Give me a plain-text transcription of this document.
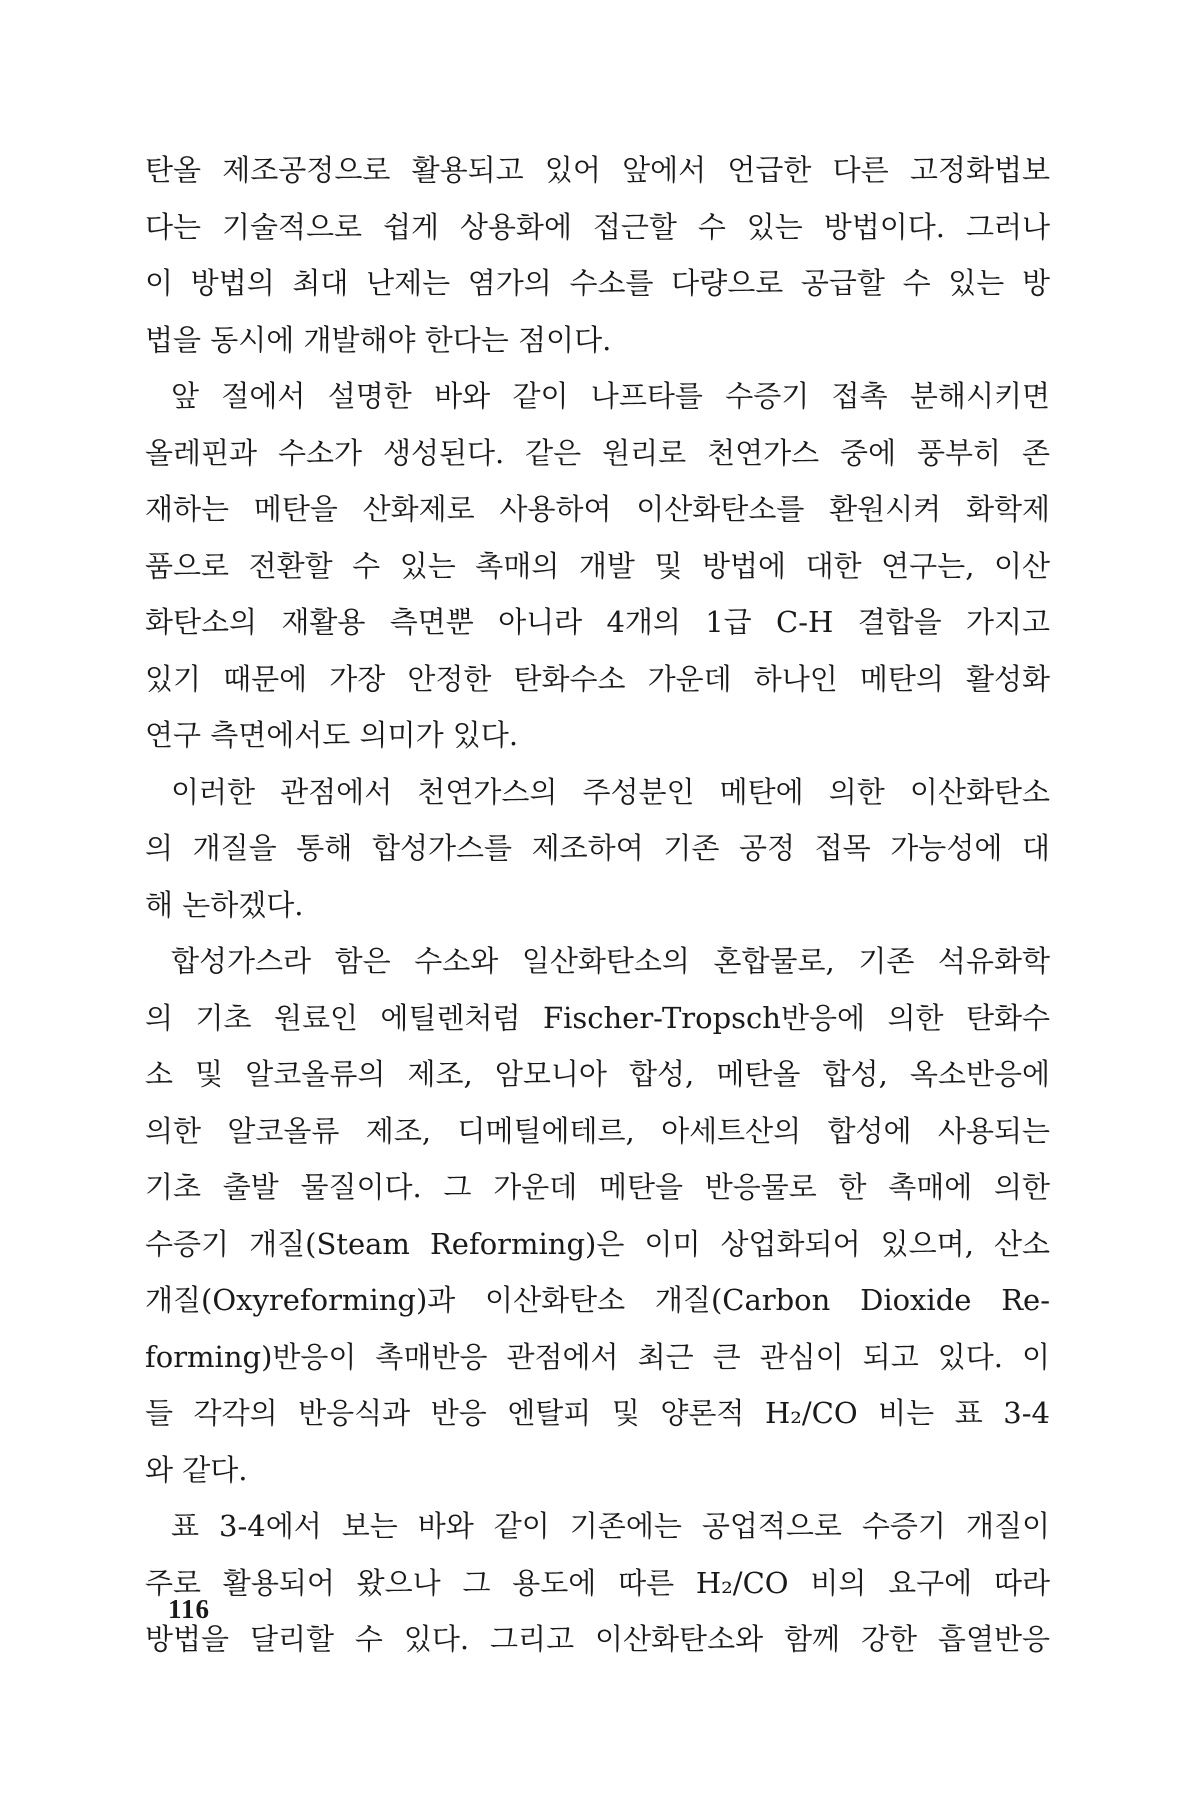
탄올 제조공정으로 활용되고 있어 앞에서 언급한 다른 고정화법보
다는 기술적으로 쉽게 상용화에 접근할 수 있는 방법이다. 그러나
이 방법의 최대 난제는 염가의 수소를 다량으로 공급할 수 있는 방
법을 동시에 개발해야 한다는 점이다.
앞 절에서 설명한 바와 같이 나프타를 수증기 접촉 분해시키면
올레핀과 수소가 생성된다. 같은 원리로 천연가스 중에 풍부히 존
재하는 메탄을 산화제로 사용하여 이산화탄소를 환원시켜 화학제
품으로 전환할 수 있는 촉매의 개발 및 방법에 대한 연구는, 이산
화탄소의 재활용 측면뿐 아니라 4개의 1급 C-H 결합을 가지고
있기 때문에 가장 안정한 탄화수소 가운데 하나인 메탄의 활성화
연구 측면에서도 의미가 있다.
이러한 관점에서 천연가스의 주성분인 메탄에 의한 이산화탄소
의 개질을 통해 합성가스를 제조하여 기존 공정 접목 가능성에 대
해 논하겠다.
합성가스라 함은 수소와 일산화탄소의 혼합물로, 기존 석유화학
의 기초 원료인 에틸렌처럼 Fischer-Tropsch반응에 의한 탄화수
소 및 알코올류의 제조, 암모니아 합성, 메탄올 합성, 옥소반응에
의한 알코올류 제조, 디메틸에테르, 아세트산의 합성에 사용되는
기초 출발 물질이다. 그 가운데 메탄을 반응물로 한 촉매에 의한
수증기 개질(Steam Reforming)은 이미 상업화되어 있으며, 산소
개질(Oxyreforming)과 이산화탄소 개질(Carbon Dioxide Re-
forming)반응이 촉매반응 관점에서 최근 큰 관심이 되고 있다. 이
들 각각의 반응식과 반응 엔탈피 및 양론적 H₂/CO 비는 표 3-4
와 같다.
표 3-4에서 보는 바와 같이 기존에는 공업적으로 수증기 개질이
주로 활용되어 왔으나 그 용도에 따른 H₂/CO 비의 요구에 따라
방법을 달리할 수 있다. 그리고 이산화탄소와 함께 강한 흡열반응
116
